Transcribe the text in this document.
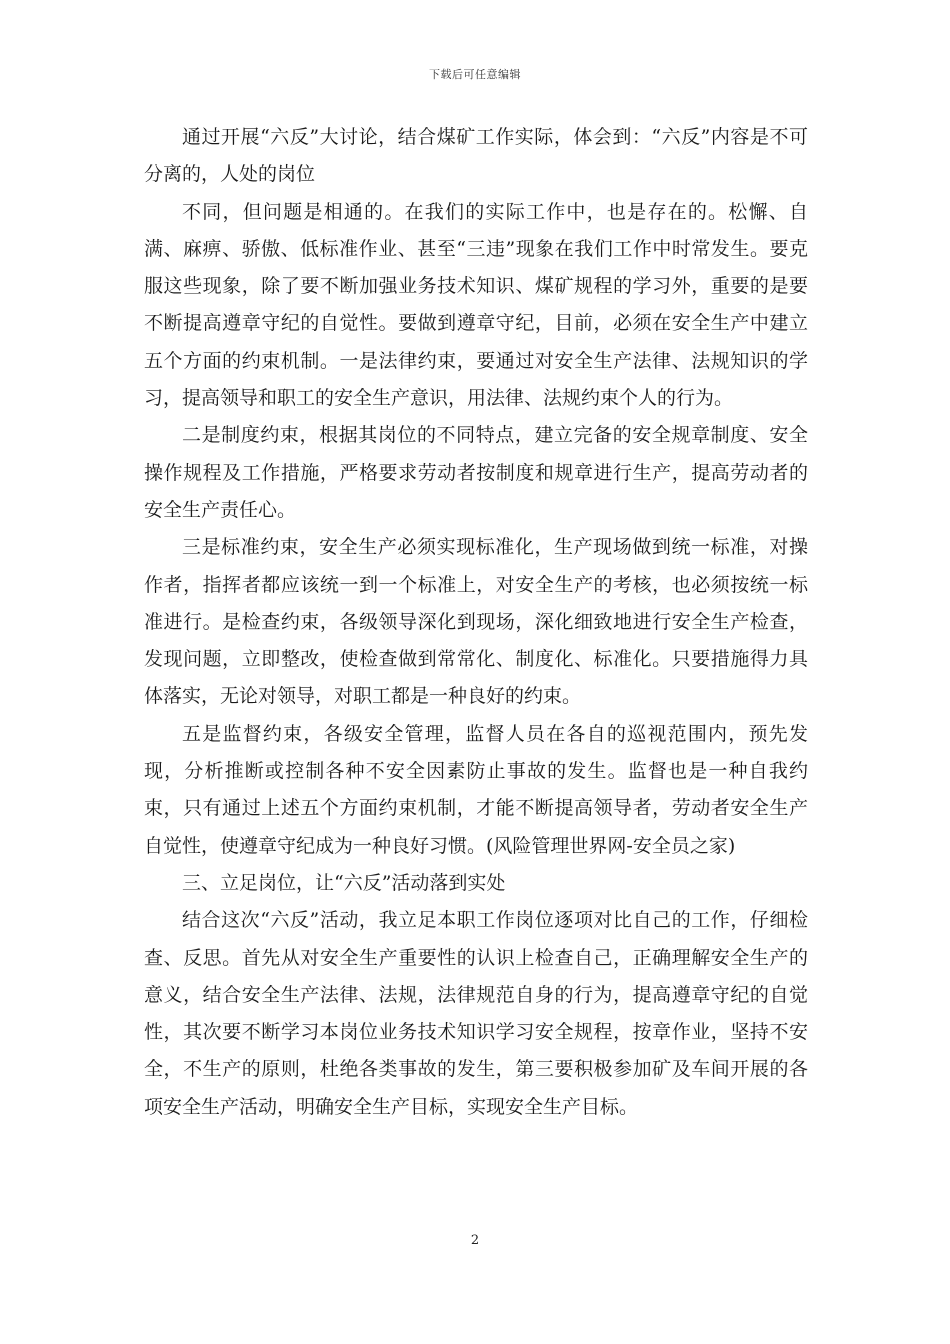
下载后可任意编辑

通过开展“六反”大讨论，结合煤矿工作实际，体会到：“六反”内容是不可分离的，人处的岗位

不同，但问题是相通的。在我们的实际工作中，也是存在的。松懈、自满、麻痹、骄傲、低标准作业、甚至“三违”现象在我们工作中时常发生。要克服这些现象，除了要不断加强业务技术知识、煤矿规程的学习外，重要的是要不断提高遵章守纪的自觉性。要做到遵章守纪，目前，必须在安全生产中建立五个方面的约束机制。一是法律约束，要通过对安全生产法律、法规知识的学习，提高领导和职工的安全生产意识，用法律、法规约束个人的行为。

二是制度约束，根据其岗位的不同特点，建立完备的安全规章制度、安全操作规程及工作措施，严格要求劳动者按制度和规章进行生产，提高劳动者的安全生产责任心。

三是标准约束，安全生产必须实现标准化，生产现场做到统一标准，对操作者，指挥者都应该统一到一个标准上，对安全生产的考核，也必须按统一标准进行。是检查约束，各级领导深化到现场，深化细致地进行安全生产检查，发现问题，立即整改，使检查做到常常化、制度化、标准化。只要措施得力具体落实，无论对领导，对职工都是一种良好的约束。

五是监督约束，各级安全管理，监督人员在各自的巡视范围内，预先发现，分析推断或控制各种不安全因素防止事故的发生。监督也是一种自我约束，只有通过上述五个方面约束机制，才能不断提高领导者，劳动者安全生产自觉性，使遵章守纪成为一种良好习惯。(风险管理世界网-安全员之家)

三、立足岗位，让“六反”活动落到实处

结合这次“六反”活动，我立足本职工作岗位逐项对比自己的工作，仔细检查、反思。首先从对安全生产重要性的认识上检查自己，正确理解安全生产的意义，结合安全生产法律、法规，法律规范自身的行为，提高遵章守纪的自觉性，其次要不断学习本岗位业务技术知识学习安全规程，按章作业，坚持不安全，不生产的原则，杜绝各类事故的发生，第三要积极参加矿及车间开展的各项安全生产活动，明确安全生产目标，实现安全生产目标。

2
